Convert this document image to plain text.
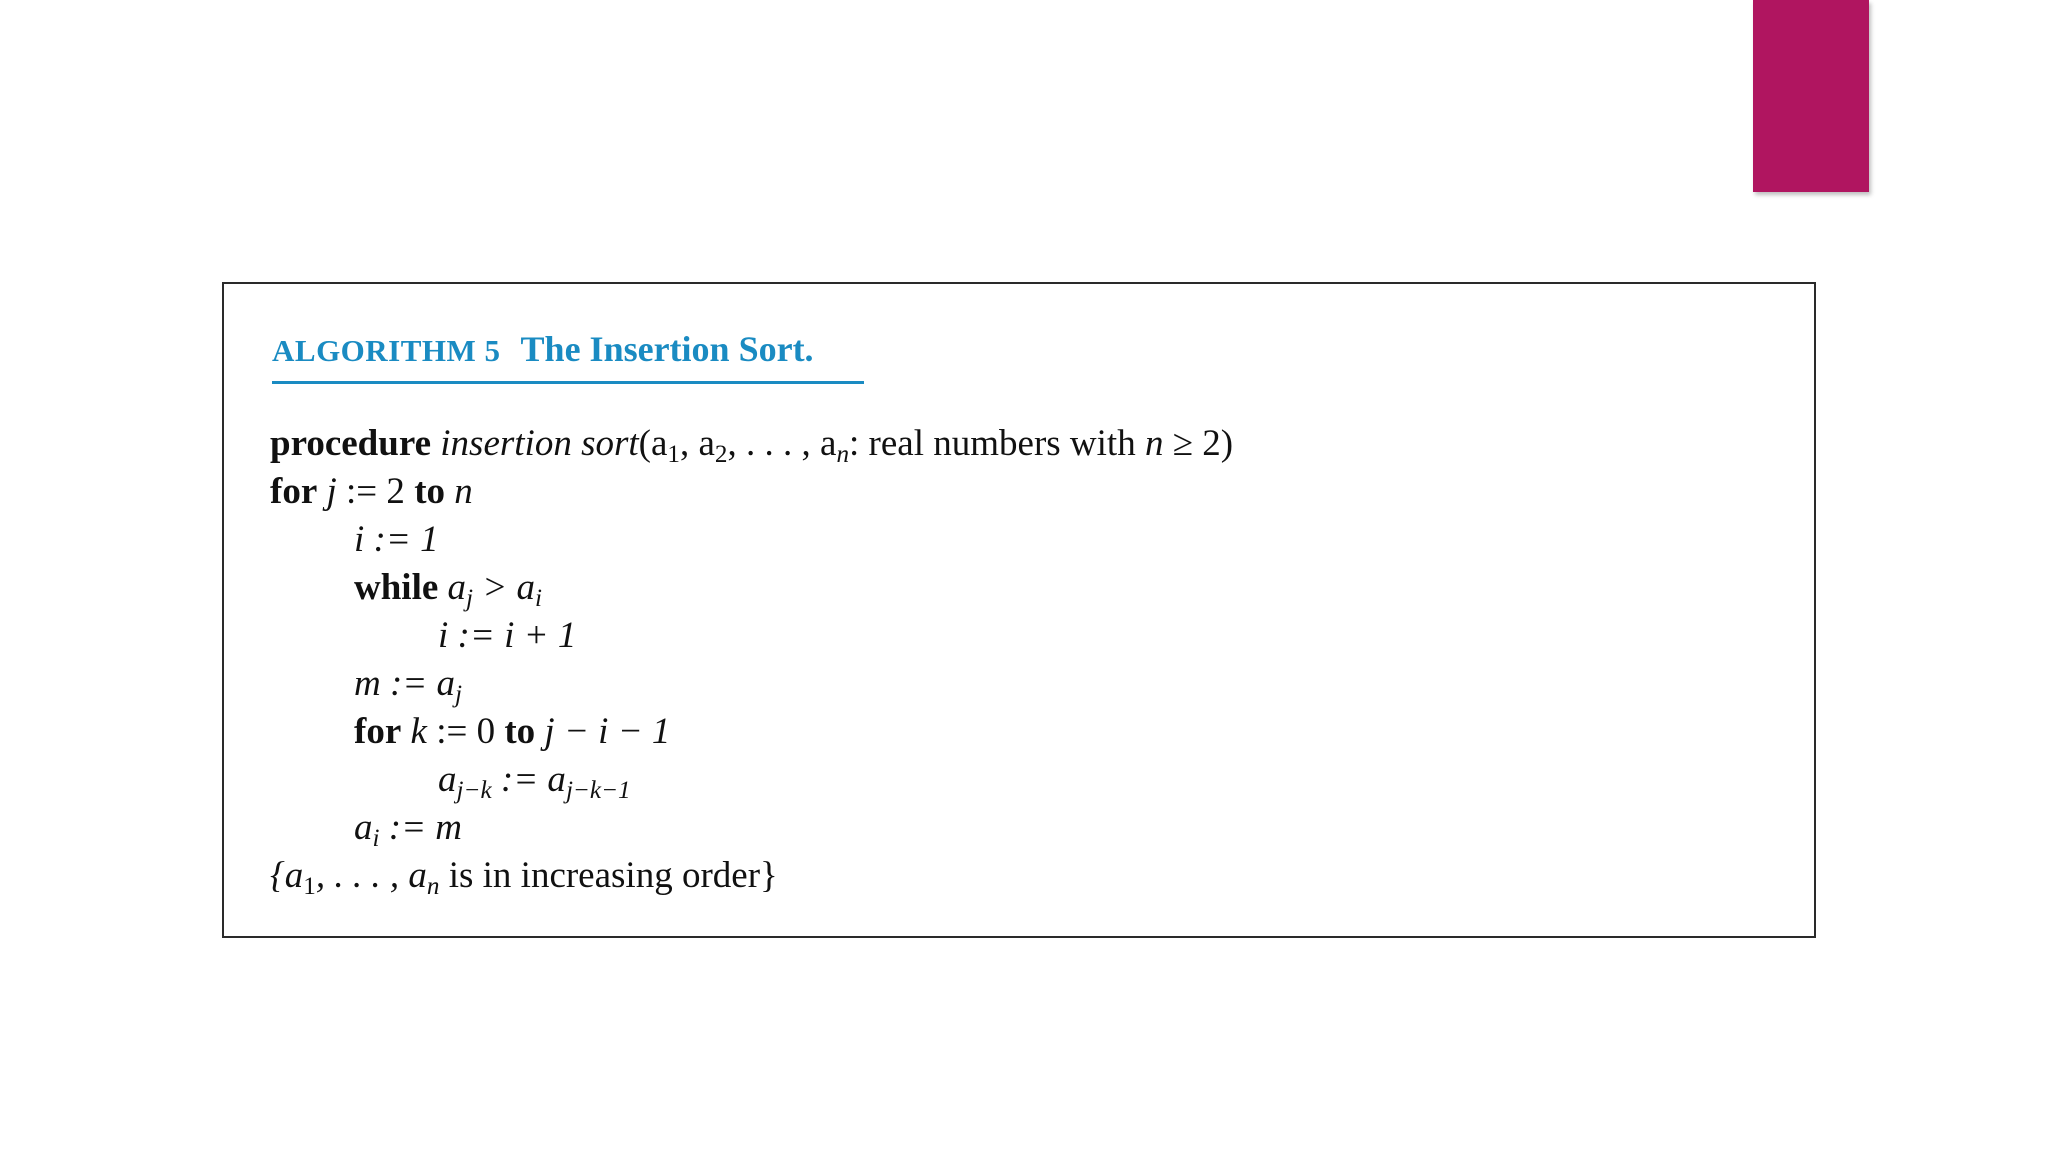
ALGORITHM 5 The Insertion Sort.
procedure insertion $sort(a_1$, $a_2$, . . . , $a_n$: real numbers with n ≥ 2)
for j := 2 to n
i := 1
while $a_j > a_i$
i := i + 1
m := $a_j$
for k := 0 to j − i − 1
$a_{j-k}$ := $a_{j-k-1}$
$a_i$ := m
{$a_1$, . . . , $a_n$ is in increasing order}
